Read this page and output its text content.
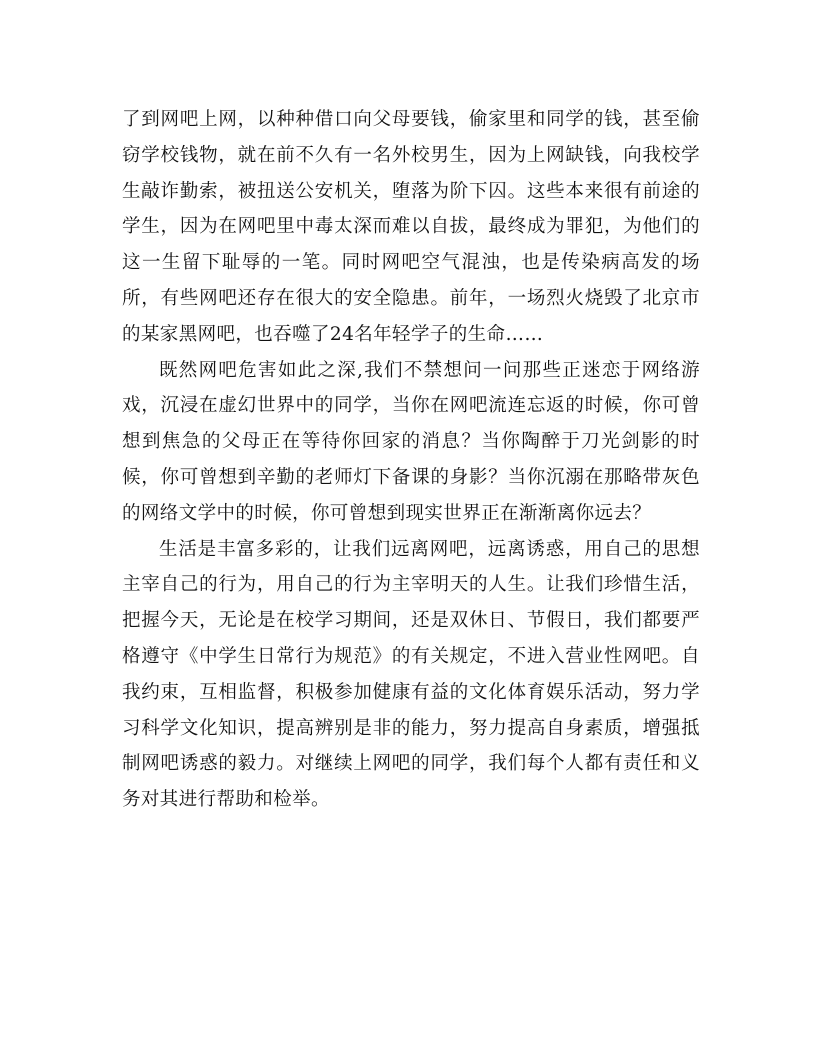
了到网吧上网，以种种借口向父母要钱，偷家里和同学的钱，甚至偷窃学校钱物，就在前不久有一名外校男生，因为上网缺钱，向我校学生敲诈勤索，被扭送公安机关，堕落为阶下囚。这些本来很有前途的学生，因为在网吧里中毒太深而难以自拔，最终成为罪犯，为他们的这一生留下耻辱的一笔。同时网吧空气混浊，也是传染病高发的场所，有些网吧还存在很大的安全隐患。前年，一场烈火烧毁了北京市的某家黑网吧，也吞噬了24名年轻学子的生命……

既然网吧危害如此之深,我们不禁想问一问那些正迷恋于网络游戏，沉浸在虚幻世界中的同学，当你在网吧流连忘返的时候，你可曾想到焦急的父母正在等待你回家的消息？当你陶醉于刀光剑影的时候，你可曾想到辛勤的老师灯下备课的身影？当你沉溺在那略带灰色的网络文学中的时候，你可曾想到现实世界正在渐渐离你远去？

生活是丰富多彩的，让我们远离网吧，远离诱惑，用自己的思想主宰自己的行为，用自己的行为主宰明天的人生。让我们珍惜生活，把握今天，无论是在校学习期间，还是双休日、节假日，我们都要严格遵守《中学生日常行为规范》的有关规定，不进入营业性网吧。自我约束，互相监督，积极参加健康有益的文化体育娱乐活动，努力学习科学文化知识，提高辨别是非的能力，努力提高自身素质，增强抵制网吧诱惑的毅力。对继续上网吧的同学，我们每个人都有责任和义务对其进行帮助和检举。
